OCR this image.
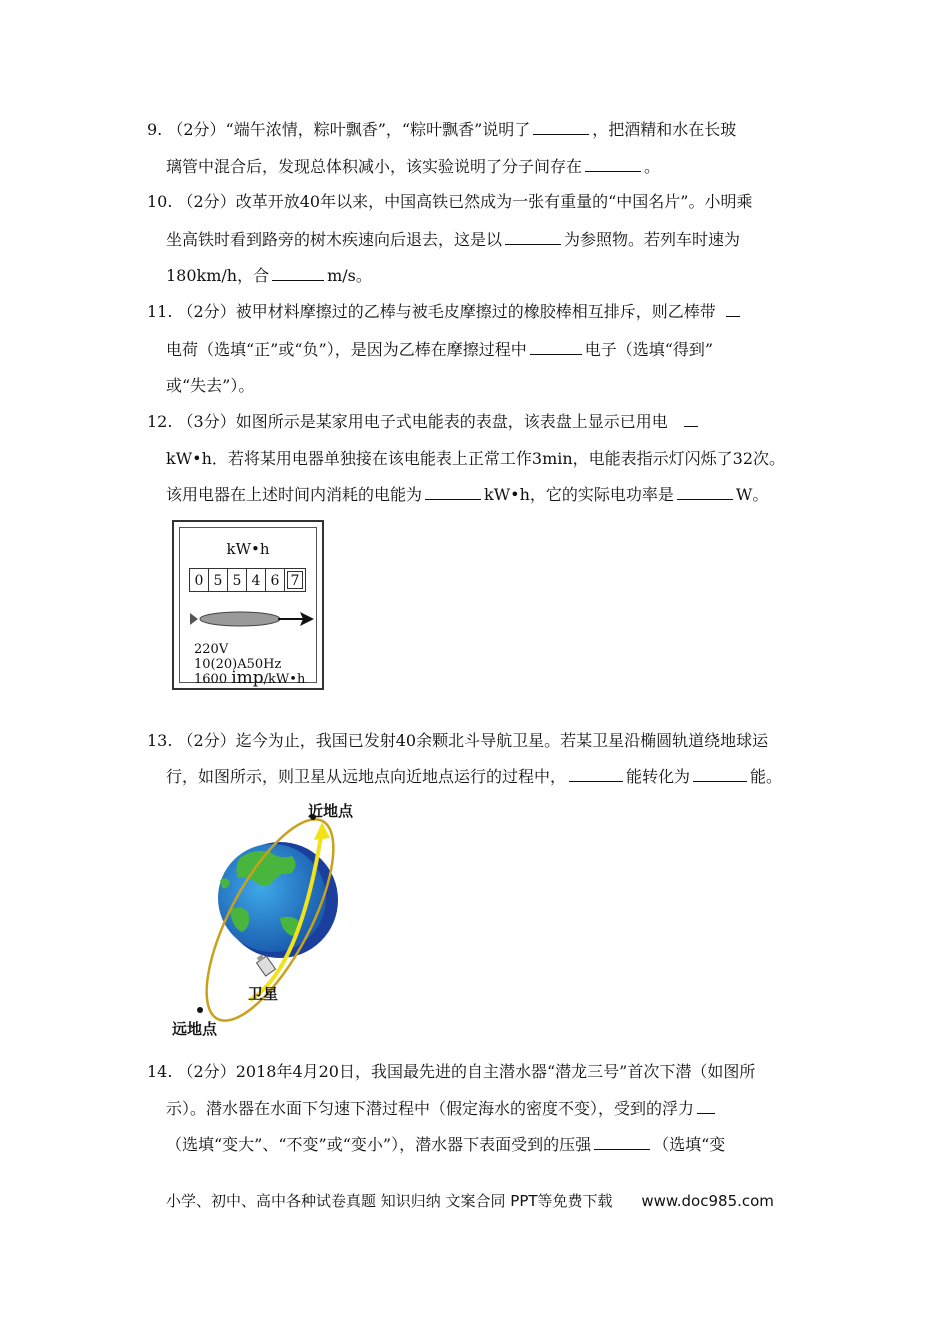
9. （2分）“端午浓情，粽叶飘香”，“粽叶飘香”说明了	，把酒精和水在长玻
璃管中混合后，发现总体积减小，该实验说明了分子间存在	。
10. （2分）改革开放40年以来，中国高铁已然成为一张有重量的“中国名片”。小明乘
坐高铁时看到路旁的树木疾速向后退去，这是以	为参照物。若列车时速为
180km/h，合	m/s。
11. （2分）被甲材料摩擦过的乙棒与被毛皮摩擦过的橡胶棒相互排斥，则乙棒带
电荷（选填“正”或“负”），是因为乙棒在摩擦过程中	电子（选填“得到”
或“失去”）。
12. （3分）如图所示是某家用电子式电能表的表盘，该表盘上显示已用电
kW•h．若将某用电器单独接在该电能表上正常工作3min，电能表指示灯闪烁了32次。
该用电器在上述时间内消耗的电能为	kW•h，它的实际电功率是	W。
kW•h
0 5 5 4 6 7
220V 10(20)A50Hz
1600 imp/kW•h
13. （2分）迄今为止，我国已发射40余颗北斗导航卫星。若某卫星沿椭圆轨道绕地球运
行，如图所示，则卫星从远地点向近地点运行的过程中，	能转化为	能。
近地点
卫星
远地点
14. （2分）2018年4月20日，我国最先进的自主潜水器“潜龙三号”首次下潜（如图所
示）。潜水器在水面下匀速下潜过程中（假定海水的密度不变），受到的浮力
（选填“变大”、“不变”或“变小”），潜水器下表面受到的压强	（选填“变
小学、初中、高中各种试卷真题 知识归纳 文案合同 PPT等免费下载 www.doc985.com
